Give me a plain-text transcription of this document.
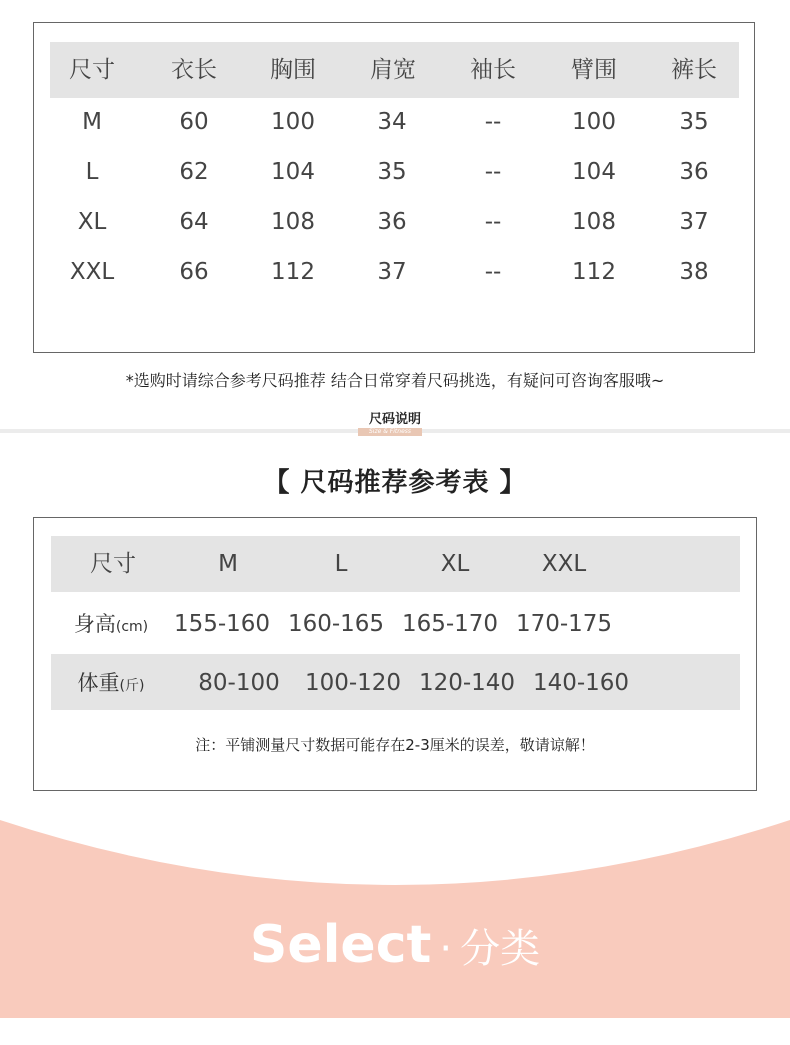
尺寸	衣长	胸围	肩宽	袖长	臂围	裤长
M	60	100	34	--	100	35
L	62	104	35	--	104	36
XL	64	108	36	--	108	37
XXL	66	112	37	--	112	38
*选购时请综合参考尺码推荐 结合日常穿着尺码挑选，有疑问可咨询客服哦~
尺码说明
Size & Fitness
【 尺码推荐参考表 】
尺寸	M	L	XL	XXL
身高(cm)	155-160 160-165 165-170 170-175
体重(斤)	80-100	100-120 120-140 140-160
注：平铺测量尺寸数据可能存在2-3厘米的误差，敬请谅解！
Select · 分类
